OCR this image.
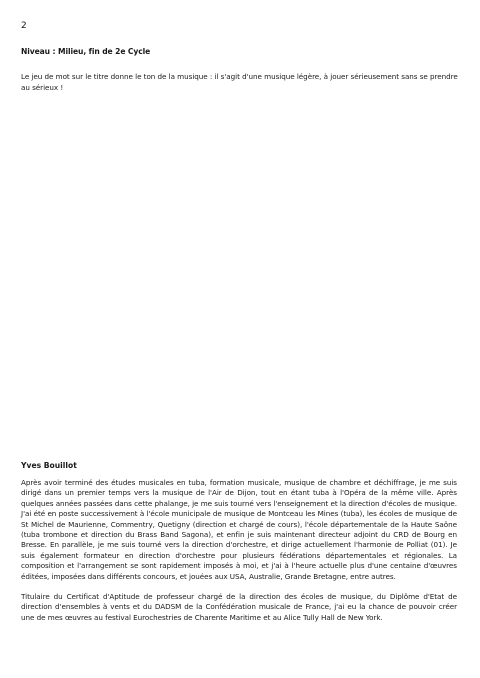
2
Niveau : Milieu, fin de 2e Cycle
Le jeu de mot sur le titre donne le ton de la musique : il s'agit d'une musique légère, à jouer sérieusement sans se prendre au sérieux !
Yves Bouillot

Après avoir terminé des études musicales en tuba, formation musicale, musique de chambre et déchiffrage, je me suis dirigé dans un premier temps vers la musique de l'Air de Dijon, tout en étant tuba à l'Opéra de la même ville. Après quelques années passées dans cette phalange, je me suis tourné vers l'enseignement et la direction d'écoles de musique. J'ai été en poste successivement à l'école municipale de musique de Montceau les Mines (tuba), les écoles de musique de St Michel de Maurienne, Commentry, Quetigny (direction et chargé de cours), l'école départementale de la Haute Saône (tuba trombone et direction du Brass Band Sagona), et enfin je suis maintenant directeur adjoint du CRD de Bourg en Bresse. En parallèle, je me suis tourné vers la direction d'orchestre, et dirige actuellement l'harmonie de Polliat (01). Je suis également formateur en direction d'orchestre pour plusieurs fédérations départementales et régionales. La composition et l'arrangement se sont rapidement imposés à moi, et j'ai à l'heure actuelle plus d'une centaine d'œuvres éditées, imposées dans différents concours, et jouées aux USA, Australie, Grande Bretagne, entre autres.

Titulaire du Certificat d'Aptitude de professeur chargé de la direction des écoles de musique, du Diplôme d'Etat de direction d'ensembles à vents et du DADSM de la Confédération musicale de France, j'ai eu la chance de pouvoir créer une de mes œuvres au festival Eurochestries de Charente Maritime et au Alice Tully Hall de New York.
